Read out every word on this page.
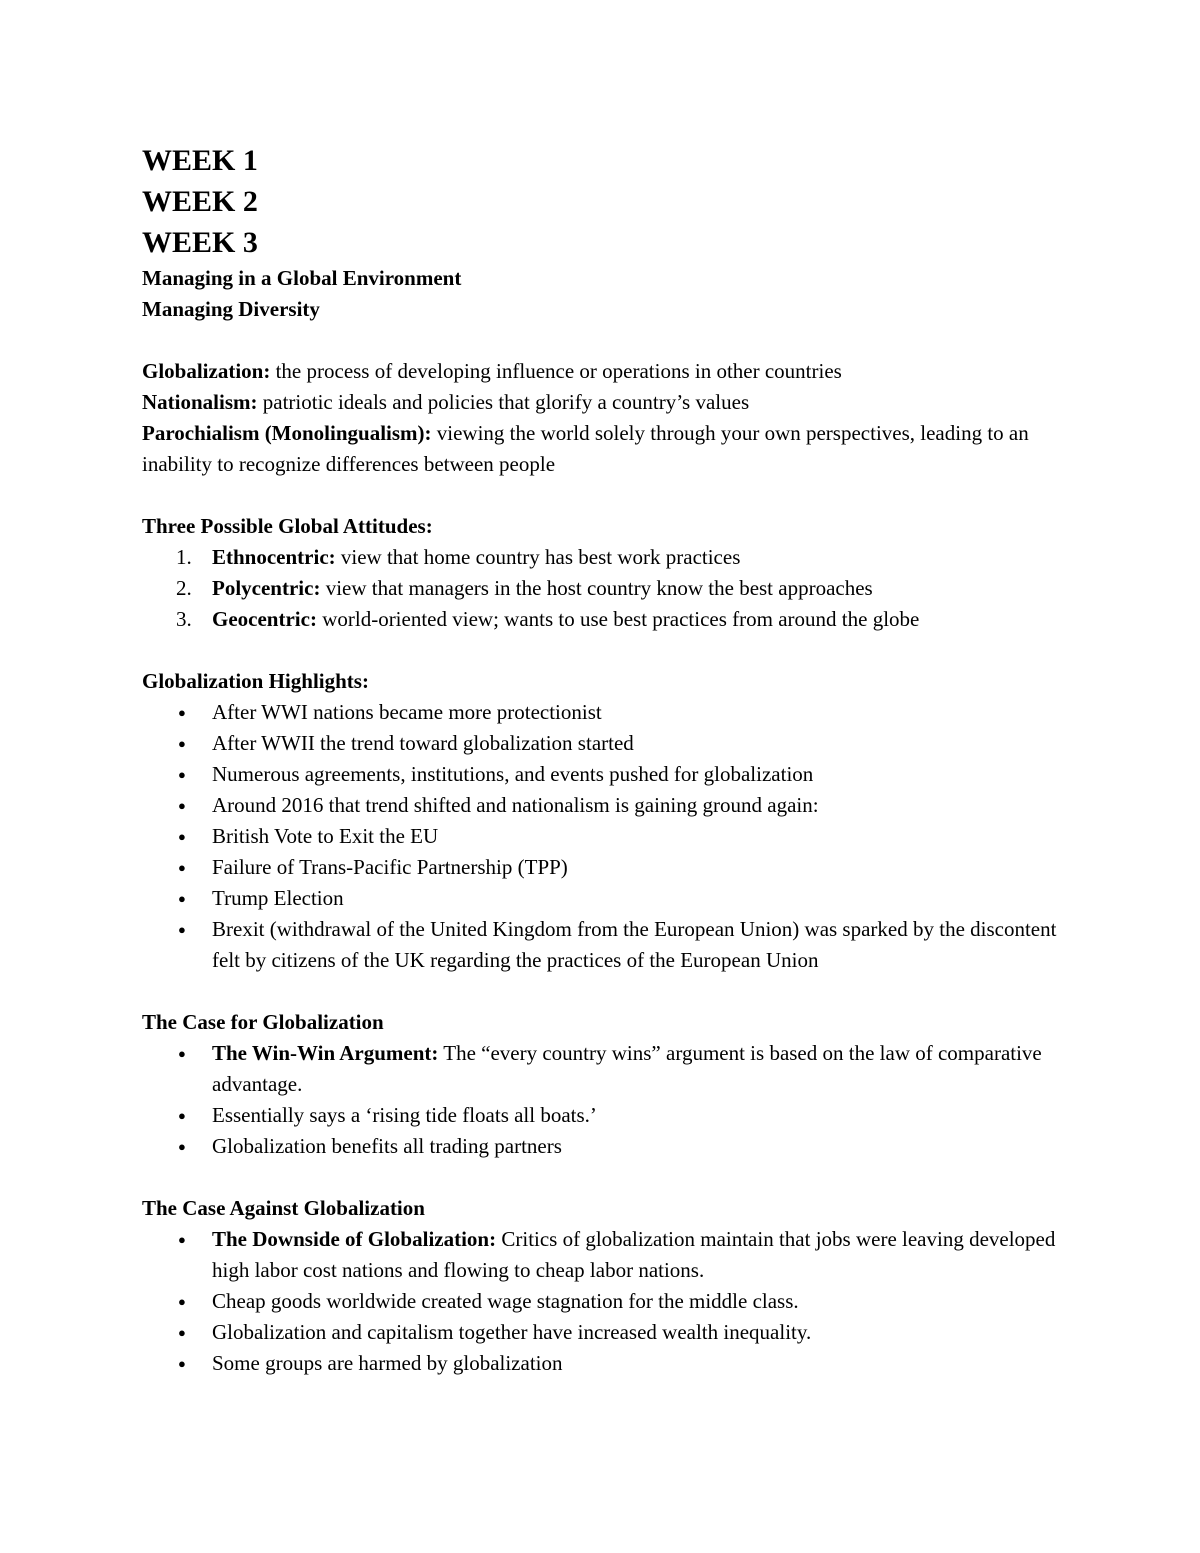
WEEK 1
WEEK 2
WEEK 3
Managing in a Global Environment
Managing Diversity

Globalization: the process of developing influence or operations in other countries

Nationalism: patriotic ideals and policies that glorify a country’s values

Parochialism (Monolingualism): viewing the world solely through your own perspectives, leading to an inability to recognize differences between people

Three Possible Global Attitudes:
1. Ethnocentric: view that home country has best work practices
2. Polycentric: view that managers in the host country know the best approaches
3. Geocentric: world-oriented view; wants to use best practices from around the globe
Globalization Highlights:
● After WWI nations became more protectionist
● After WWII the trend toward globalization started
● Numerous agreements, institutions, and events pushed for globalization
● Around 2016 that trend shifted and nationalism is gaining ground again:
● British Vote to Exit the EU
● Failure of Trans-Pacific Partnership (TPP)
● Trump Election
● Brexit (withdrawal of the United Kingdom from the European Union) was sparked by the discontent felt by citizens of the UK regarding the practices of the European Union
The Case for Globalization
● The Win-Win Argument: The “every country wins” argument is based on the law of comparative advantage.
● Essentially says a ‘rising tide floats all boats.’
● Globalization benefits all trading partners
The Case Against Globalization
● The Downside of Globalization: Critics of globalization maintain that jobs were leaving developed high labor cost nations and flowing to cheap labor nations.
● Cheap goods worldwide created wage stagnation for the middle class.
● Globalization and capitalism together have increased wealth inequality.
● Some groups are harmed by globalization
